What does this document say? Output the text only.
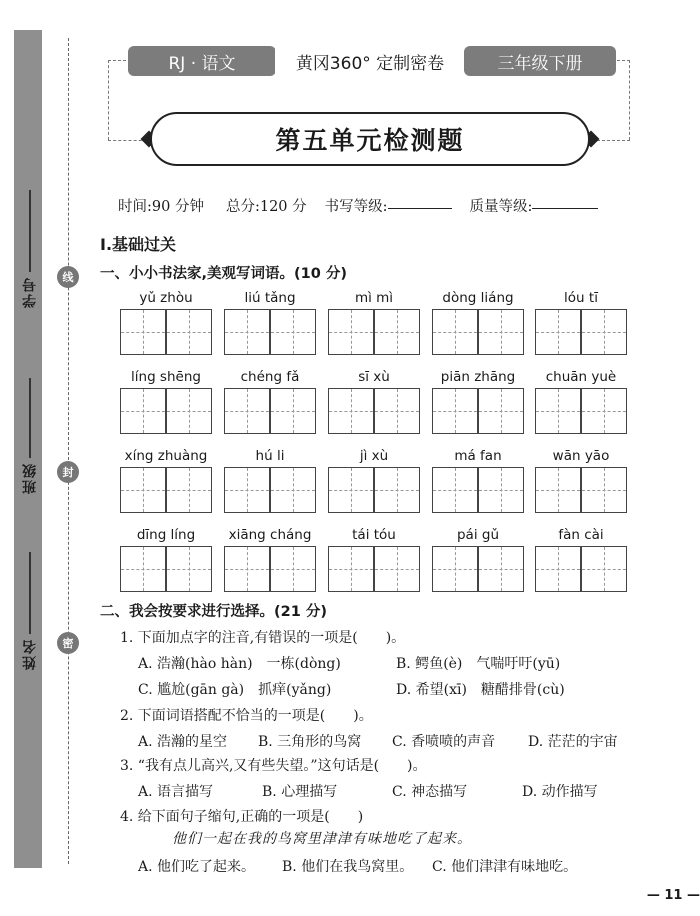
学号
班级
姓名
线
封
密
RJ · 语文	黄冈360° 定制密卷	三年级下册
第五单元检测题
时间:90 分钟 总分:120 分 书写等级:	质量等级:
Ⅰ.基础过关
一、小小书法家,美观写词语。(10 分)
yǔ zhòu	liú tǎng	mì mì	dòng liáng	lóu tī
líng shēng	chéng fǎ	sī xù	piān zhāng	chuān yuè
xíng zhuàng	hú li	jì xù	má fan	wān yāo
dīng líng	xiāng cháng	tái tóu	pái gǔ	fàn cài
二、我会按要求进行选择。(21 分)
1. 下面加点字的注音,有错误的一项是(　　)。
A. 浩瀚(hào hàn)　一栋(dòng)	B. 鳄鱼(è)　气喘吁吁(yū)
C. 尴尬(gān gà)　抓痒(yǎng)	D. 希望(xī)　糖醋排骨(cù)
2. 下面词语搭配不恰当的一项是(　　)。
A. 浩瀚的星空 B. 三角形的鸟窝 C. 香喷喷的声音 D. 茫茫的宇宙
3. “我有点儿高兴,又有些失望。”这句话是(　　)。
A. 语言描写	B. 心理描写	C. 神态描写	D. 动作描写
4. 给下面句子缩句,正确的一项是(　　)
他们一起在我的鸟窝里津津有味地吃了起来。
A. 他们吃了起来。 B. 他们在我鸟窝里。 C. 他们津津有味地吃。
— 11 —
